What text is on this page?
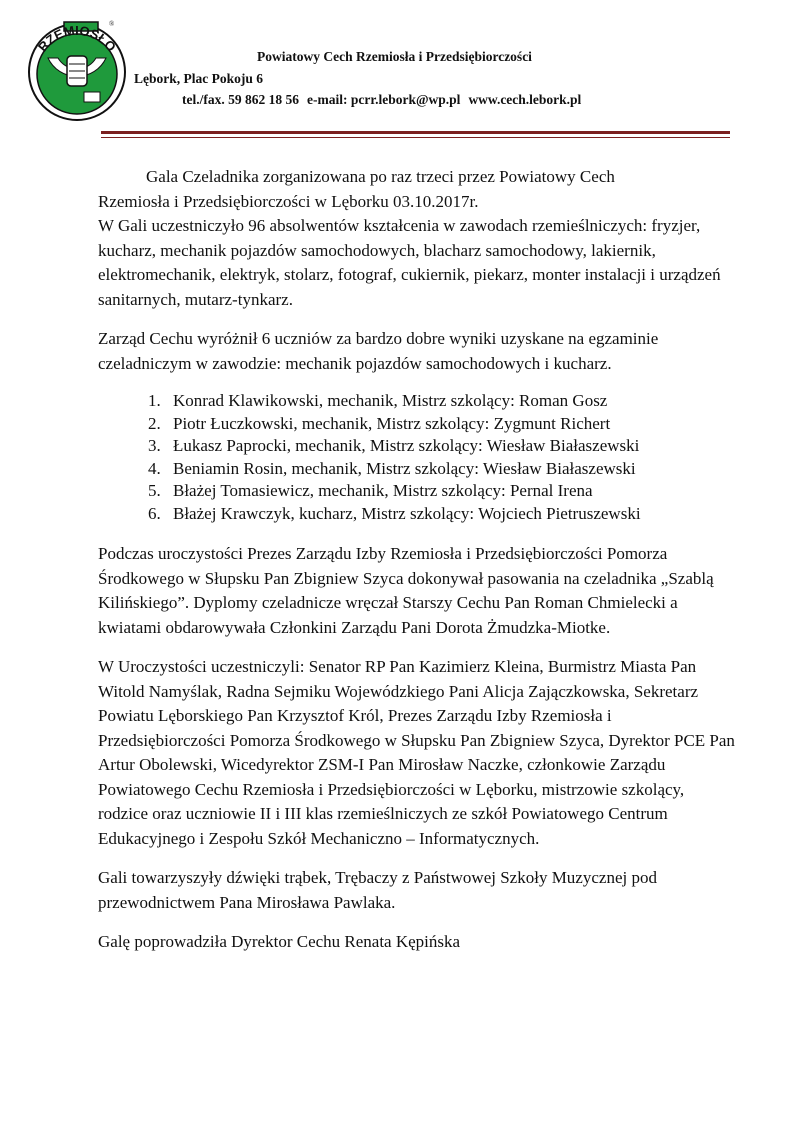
RZEMIOSŁO
®
Powiatowy Cech Rzemiosła i Przedsiębiorczości
Lębork, Plac Pokoju 6
tel./fax. 59 862 18 56 e-mail: pcrr.lebork@wp.pl www.cech.lebork.pl

Gala Czeladnika zorganizowana po raz trzeci przez Powiatowy Cech

Rzemiosła i Przedsiębiorczości w Lęborku 03.10.2017r.

W Gali uczestniczyło 96 absolwentów kształcenia w zawodach rzemieślniczych: fryzjer, kucharz, mechanik pojazdów samochodowych, blacharz samochodowy, lakiernik, elektromechanik, elektryk, stolarz, fotograf, cukiernik, piekarz, monter instalacji i urządzeń sanitarnych, mutarz-tynkarz.

Zarząd Cechu wyróżnił 6 uczniów za bardzo dobre wyniki uzyskane na egzaminie czeladniczym w zawodzie: mechanik pojazdów samochodowych i kucharz.

1. Konrad Klawikowski, mechanik, Mistrz szkolący: Roman Gosz
2. Piotr Łuczkowski, mechanik, Mistrz szkolący: Zygmunt Richert
3. Łukasz Paprocki, mechanik, Mistrz szkolący: Wiesław Białaszewski
4. Beniamin Rosin, mechanik, Mistrz szkolący: Wiesław Białaszewski
5. Błażej Tomasiewicz, mechanik, Mistrz szkolący: Pernal Irena
6. Błażej Krawczyk, kucharz, Mistrz szkolący: Wojciech Pietruszewski

Podczas uroczystości Prezes Zarządu Izby Rzemiosła i Przedsiębiorczości Pomorza Środkowego w Słupsku Pan Zbigniew Szyca dokonywał pasowania na czeladnika „Szablą Kilińskiego”. Dyplomy czeladnicze wręczał Starszy Cechu Pan Roman Chmielecki a kwiatami obdarowywała Członkini Zarządu Pani Dorota Żmudzka-Miotke.

W Uroczystości uczestniczyli: Senator RP Pan Kazimierz Kleina, Burmistrz Miasta Pan Witold Namyślak, Radna Sejmiku Wojewódzkiego Pani Alicja Zajączkowska, Sekretarz Powiatu Lęborskiego Pan Krzysztof Król, Prezes Zarządu Izby Rzemiosła i Przedsiębiorczości Pomorza Środkowego w Słupsku Pan Zbigniew Szyca, Dyrektor PCE Pan Artur Obolewski, Wicedyrektor ZSM-I Pan Mirosław Naczke, członkowie Zarządu Powiatowego Cechu Rzemiosła i Przedsiębiorczości w Lęborku, mistrzowie szkolący, rodzice oraz uczniowie II i III klas rzemieślniczych ze szkół Powiatowego Centrum Edukacyjnego i Zespołu Szkół Mechaniczno – Informatycznych.

Gali towarzyszyły dźwięki trąbek, Trębaczy z Państwowej Szkoły Muzycznej pod przewodnictwem Pana Mirosława Pawlaka.

Galę poprowadziła Dyrektor Cechu Renata Kępińska
